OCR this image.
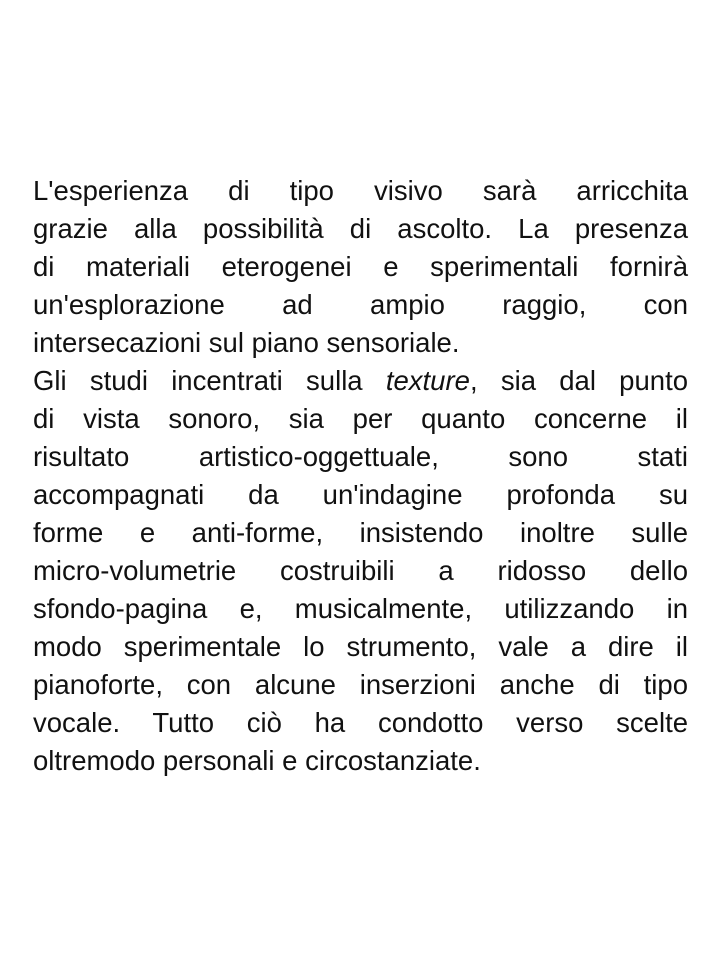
L'esperienza di tipo visivo sarà arricchita
grazie alla possibilità di ascolto. La presenza
di materiali eterogenei e sperimentali fornirà
un'esplorazione ad ampio raggio, con
intersecazioni sul piano sensoriale.

Gli studi incentrati sulla texture, sia dal punto
di vista sonoro, sia per quanto concerne il
risultato artistico-oggettuale, sono stati
accompagnati da un'indagine profonda su
forme e anti-forme, insistendo inoltre sulle
micro-volumetrie costruibili a ridosso dello
sfondo-pagina e, musicalmente, utilizzando in
modo sperimentale lo strumento, vale a dire il
pianoforte, con alcune inserzioni anche di tipo
vocale. Tutto ciò ha condotto verso scelte
oltremodo personali e circostanziate.
